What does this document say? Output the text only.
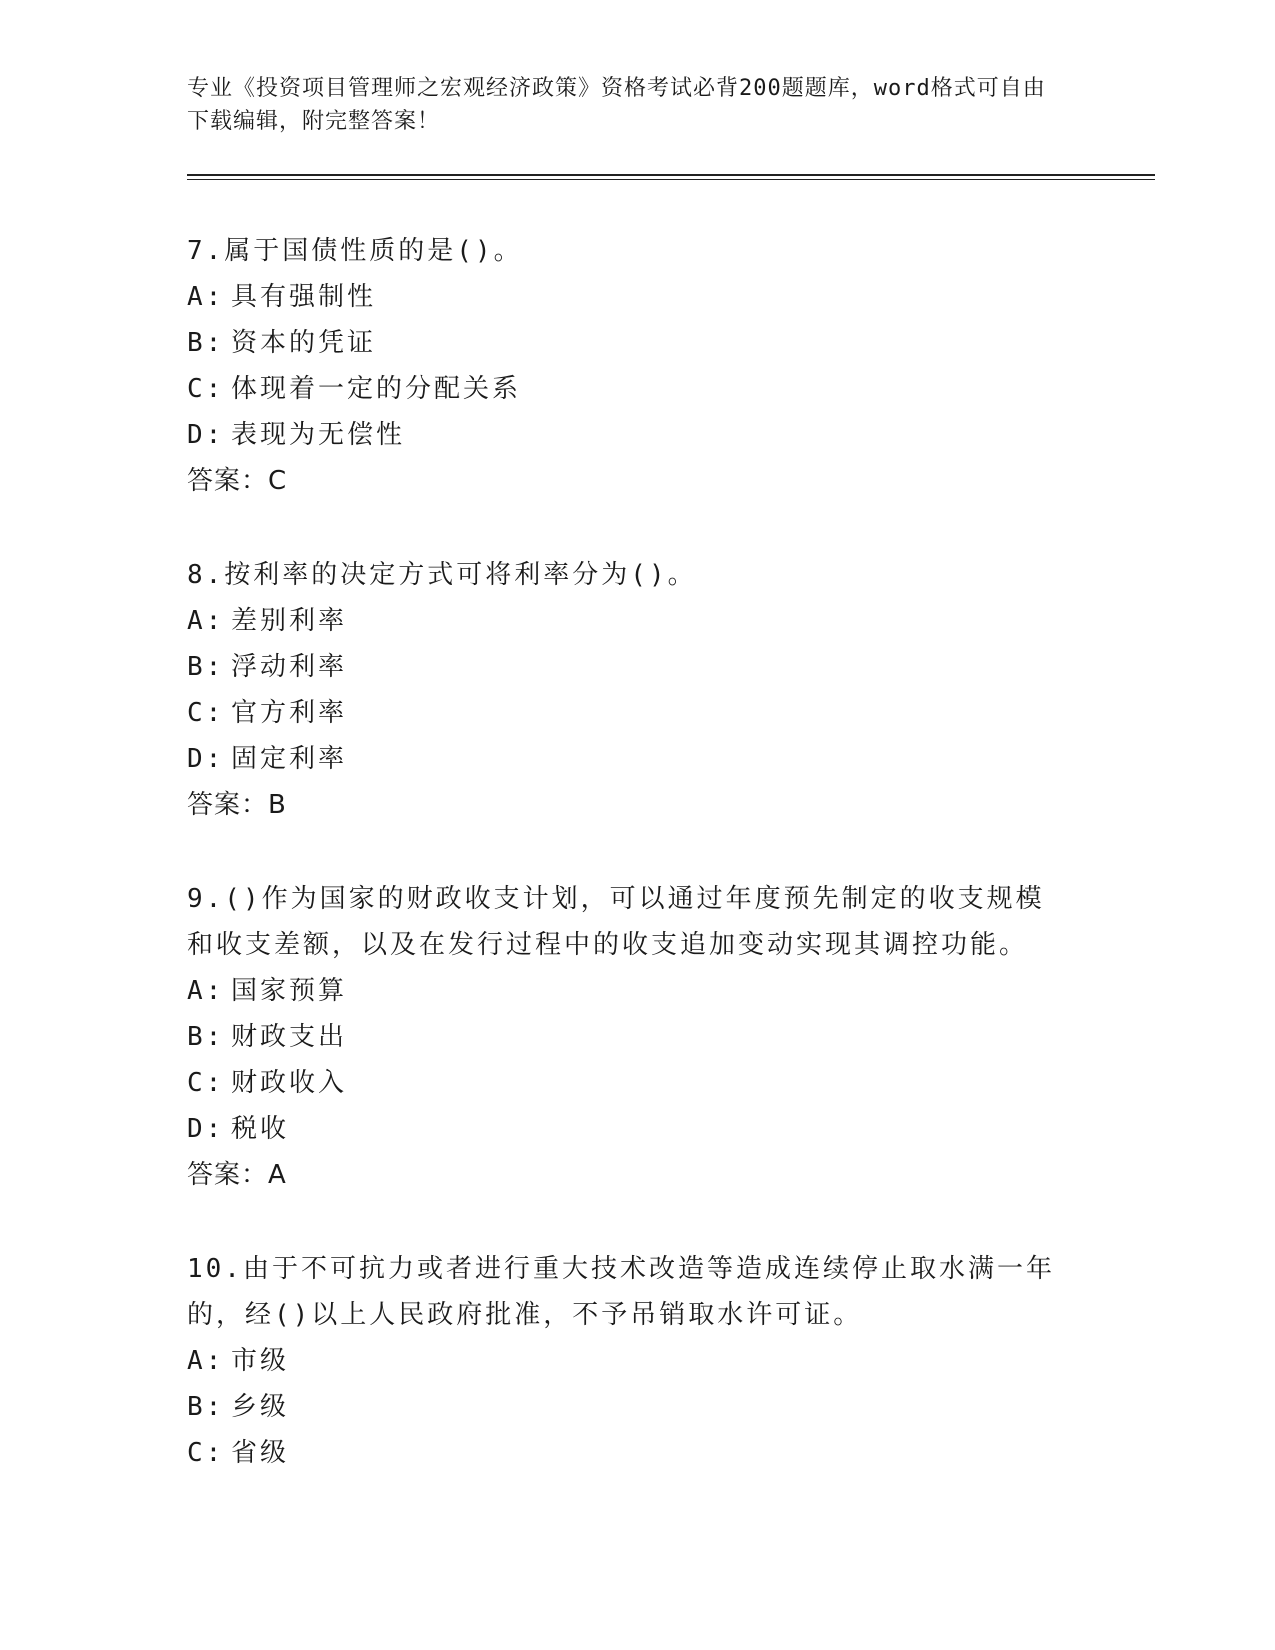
专业《投资项目管理师之宏观经济政策》资格考试必背200题题库，word格式可自由下载编辑，附完整答案！
7.属于国债性质的是()。
A: 具有强制性
B: 资本的凭证
C: 体现着一定的分配关系
D: 表现为无偿性
答案：C
8.按利率的决定方式可将利率分为()。
A: 差别利率
B: 浮动利率
C: 官方利率
D: 固定利率
答案：B
9.()作为国家的财政收支计划，可以通过年度预先制定的收支规模和收支差额，以及在发行过程中的收支追加变动实现其调控功能。
A: 国家预算
B: 财政支出
C: 财政收入
D: 税收
答案：A
10.由于不可抗力或者进行重大技术改造等造成连续停止取水满一年的，经()以上人民政府批准，不予吊销取水许可证。
A: 市级
B: 乡级
C: 省级
